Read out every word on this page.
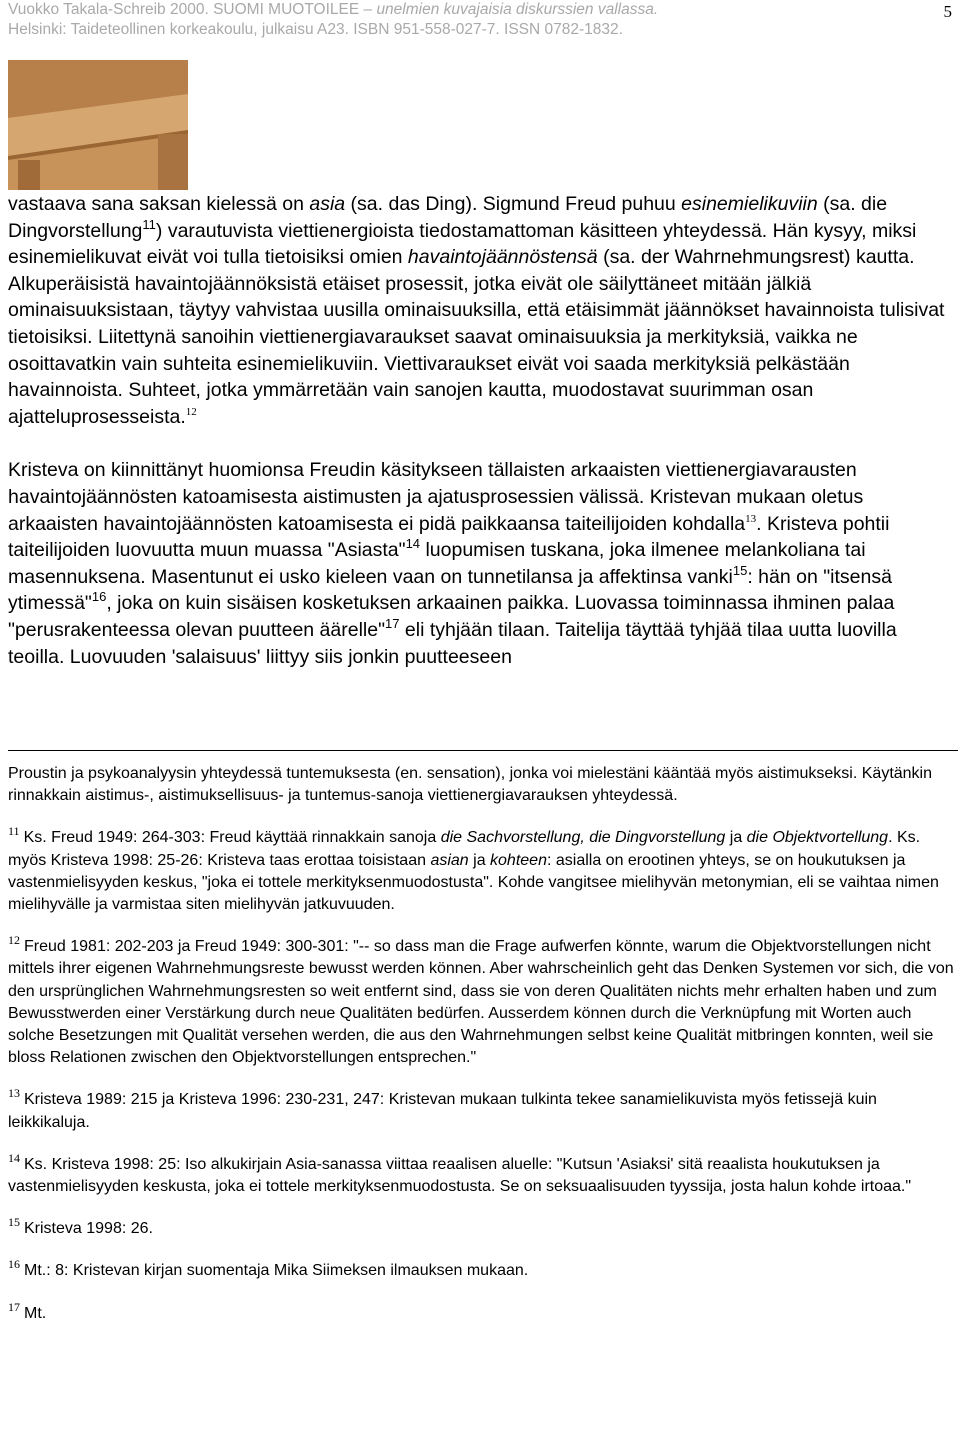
Vuokko Takala-Schreib 2000. SUOMI MUOTOILEE – unelmien kuvajaisia diskurssien vallassa.
Helsinki: Taideteollinen korkeakoulu, julkaisu A23. ISBN 951-558-027-7. ISSN 0782-1832.
5

vastaava sana saksan kielessä on asia (sa. das Ding). Sigmund Freud puhuu esinemielikuviin (sa. die Dingvorstellung$^{11}$) varautuvista viettienergioista tiedostamattoman käsitteen yhteydessä. Hän kysyy, miksi esinemielikuvat eivät voi tulla tietoisiksi omien havaintojäännöstensä (sa. der Wahrnehmungsrest) kautta. Alkuperäisistä havaintojäännöksistä etäiset prosessit, jotka eivät ole säilyttäneet mitään jälkiä ominaisuuksistaan, täytyy vahvistaa uusilla ominaisuuksilla, että etäisimmät jäännökset havainnoista tulisivat tietoisiksi. Liitettynä sanoihin viettienergiavaraukset saavat ominaisuuksia ja merkityksiä, vaikka ne osoittavatkin vain suhteita esinemielikuviin. Viettivaraukset eivät voi saada merkityksiä pelkästään havainnoista. Suhteet, jotka ymmärretään vain sanojen kautta, muodostavat suurimman osan ajatteluprosesseista.$^{12}$

Kristeva on kiinnittänyt huomionsa Freudin käsitykseen tällaisten arkaaisten viettienergiavarausten havaintojäännösten katoamisesta aistimusten ja ajatusprosessien välissä. Kristevan mukaan oletus arkaaisten havaintojäännösten katoamisesta ei pidä paikkaansa taiteilijoiden kohdalla$^{13}$. Kristeva pohtii taiteilijoiden luovuutta muun muassa "Asiasta"$^{14}$ luopumisen tuskana, joka ilmenee melankoliana tai masennuksena. Masentunut ei usko kieleen vaan on tunnetilansa ja affektinsa vanki$^{15}$: hän on "itsensä ytimessä"$^{16}$, joka on kuin sisäisen kosketuksen arkaainen paikka. Luovassa toiminnassa ihminen palaa "perusrakenteessa olevan puutteen äärelle"$^{17}$ eli tyhjään tilaan. Taitelija täyttää tyhjää tilaa uutta luovilla teoilla. Luovuuden 'salaisuus' liittyy siis jonkin puutteeseen

Proustin ja psykoanalyysin yhteydessä tuntemuksesta (en. sensation), jonka voi mielestäni kääntää myös aistimukseksi. Käytänkin rinnakkain aistimus-, aistimuksellisuus- ja tuntemus-sanoja viettienergiavarauksen yhteydessä.

$^{11}$ Ks. Freud 1949: 264-303: Freud käyttää rinnakkain sanoja die Sachvorstellung, die Dingvorstellung ja die Objektvortellung. Ks. myös Kristeva 1998: 25-26: Kristeva taas erottaa toisistaan asian ja kohteen: asialla on erootinen yhteys, se on houkutuksen ja vastenmielisyyden keskus, "joka ei tottele merkityksenmuodostusta". Kohde vangitsee mielihyvän metonymian, eli se vaihtaa nimen mielihyvälle ja varmistaa siten mielihyvän jatkuvuuden.

$^{12}$ Freud 1981: 202-203 ja Freud 1949: 300-301: "-- so dass man die Frage aufwerfen könnte, warum die Objektvorstellungen nicht mittels ihrer eigenen Wahrnehmungsreste bewusst werden können. Aber wahrscheinlich geht das Denken Systemen vor sich, die von den ursprünglichen Wahrnehmungsresten so weit entfernt sind, dass sie von deren Qualitäten nichts mehr erhalten haben und zum Bewusstwerden einer Verstärkung durch neue Qualitäten bedürfen. Ausserdem können durch die Verknüpfung mit Worten auch solche Besetzungen mit Qualität versehen werden, die aus den Wahrnehmungen selbst keine Qualität mitbringen konnten, weil sie bloss Relationen zwischen den Objektvorstellungen entsprechen."

$^{13}$ Kristeva 1989: 215 ja Kristeva 1996: 230-231, 247: Kristevan mukaan tulkinta tekee sanamielikuvista myös fetissejä kuin leikkikaluja.

$^{14}$ Ks. Kristeva 1998: 25: Iso alkukirjain Asia-sanassa viittaa reaalisen aluelle: "Kutsun 'Asiaksi' sitä reaalista houkutuksen ja vastenmielisyyden keskusta, joka ei tottele merkityksenmuodostusta. Se on seksuaalisuuden tyyssija, josta halun kohde irtoaa."

$^{15}$ Kristeva 1998: 26.

$^{16}$ Mt.: 8: Kristevan kirjan suomentaja Mika Siimeksen ilmauksen mukaan.

$^{17}$ Mt.
